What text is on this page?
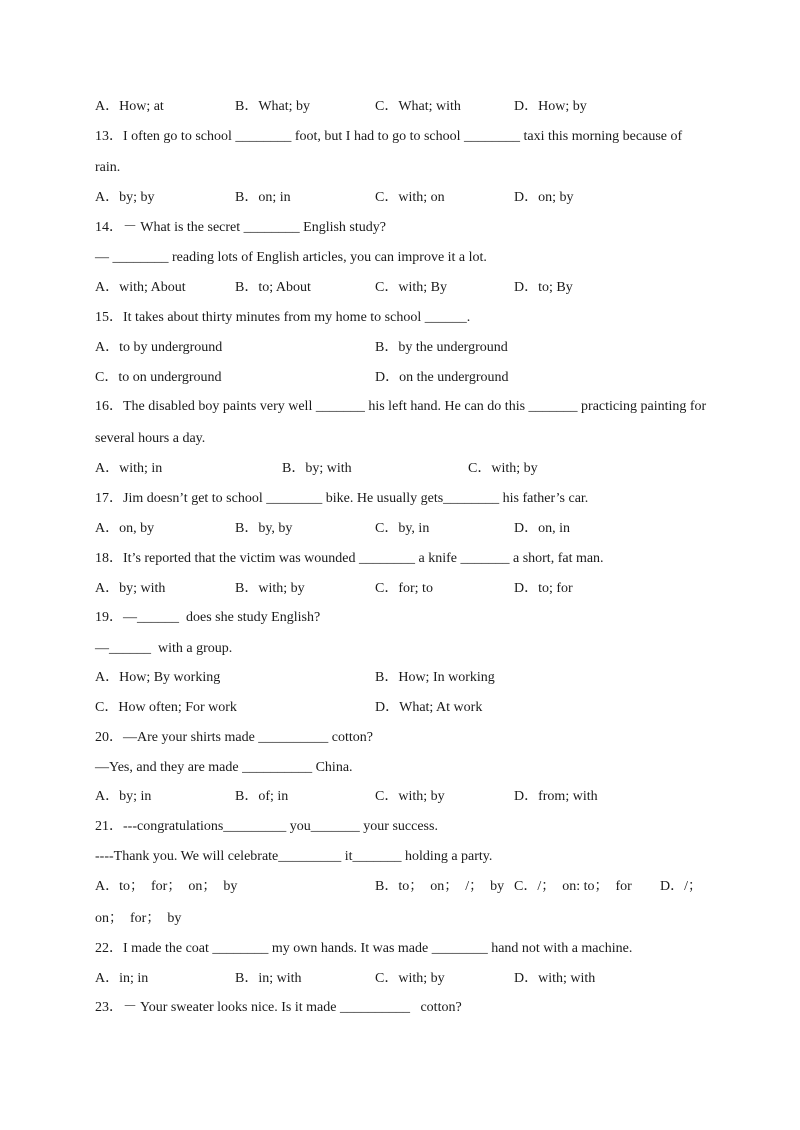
A．How; at	B．What; by	C．What; with	D．How; by
13．I often go to school ________ foot, but I had to go to school ________ taxi this morning because of
rain.
A．by; by	B．on; in	C．with; on	D．on; by
14．－ What is the secret ________ English study?
— ________ reading lots of English articles, you can improve it a lot.
A．with; About	B．to; About	C．with; By	D．to; By
15．It takes about thirty minutes from my home to school ______.
A．to by underground	B．by the underground
C．to on underground	D．on the underground
16．The disabled boy paints very well _______ his left hand. He can do this _______ practicing painting for
several hours a day.
A．with; in	B．by; with	C．with; by
17．Jim doesn’t get to school ________ bike. He usually gets________ his father’s car.
A．on, by	B．by, by	C．by, in	D．on, in
18．It’s reported that the victim was wounded ________ a knife _______ a short, fat man.
A．by; with	B．with; by	C．for; to	D．to; for
19．—______  does she study English?
—______  with a group.
A．How; By working	B．How; In working
C．How often; For work	D．What; At work
20．—Are your shirts made __________ cotton?
—Yes, and they are made __________ China.
A．by; in	B．of; in	C．with; by	D．from; with
21．---congratulations_________ you_______ your success.
----Thank you. We will celebrate_________ it_______ holding a party.
A．to；  for；  on；  by	B．to；  on；  /；  by C．/；  on: to；  for D．/；
on；  for；  by
22．I made the coat ________ my own hands. It was made ________ hand not with a machine.
A．in; in	B．in; with	C．with; by	D．with; with
23．－ Your sweater looks nice. Is it made __________   cotton?
